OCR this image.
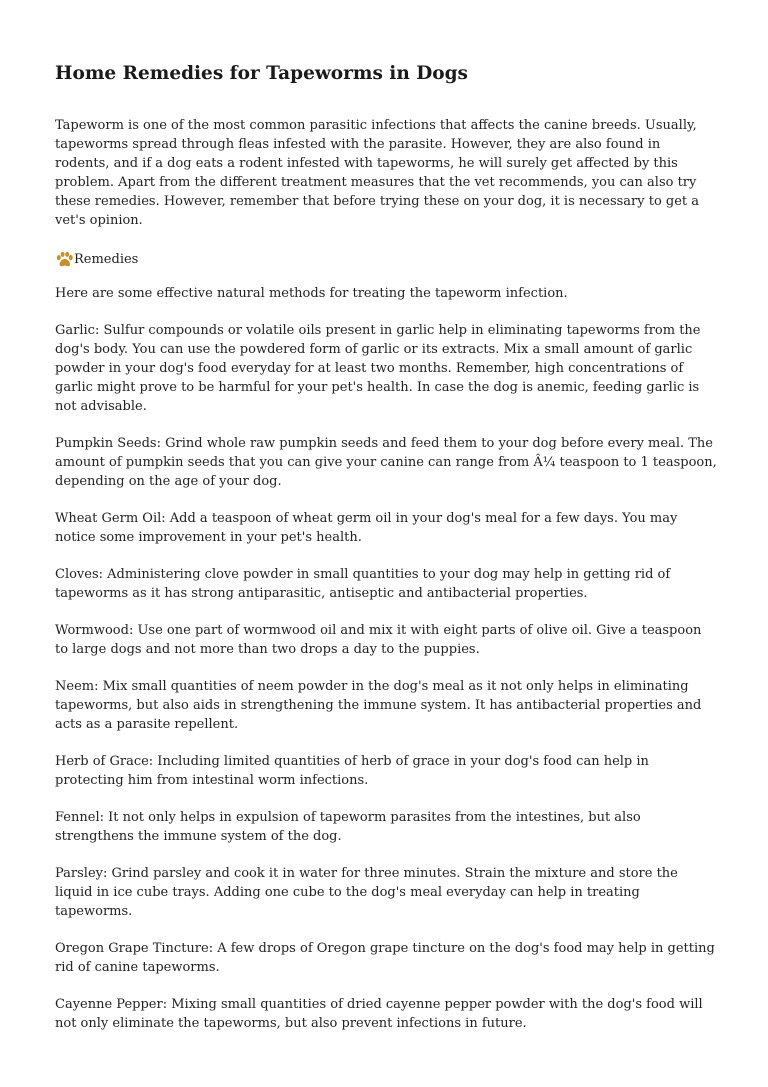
Home Remedies for Tapeworms in Dogs

Tapeworm is one of the most common parasitic infections that affects the canine breeds. Usually, tapeworms spread through fleas infested with the parasite. However, they are also found in rodents, and if a dog eats a rodent infested with tapeworms, he will surely get affected by this problem. Apart from the different treatment measures that the vet recommends, you can also try these remedies. However, remember that before trying these on your dog, it is necessary to get a vet's opinion.

Remedies

Here are some effective natural methods for treating the tapeworm infection.

Garlic: Sulfur compounds or volatile oils present in garlic help in eliminating tapeworms from the dog's body. You can use the powdered form of garlic or its extracts. Mix a small amount of garlic powder in your dog's food everyday for at least two months. Remember, high concentrations of garlic might prove to be harmful for your pet's health. In case the dog is anemic, feeding garlic is not advisable.

Pumpkin Seeds: Grind whole raw pumpkin seeds and feed them to your dog before every meal. The amount of pumpkin seeds that you can give your canine can range from Â¼ teaspoon to 1 teaspoon, depending on the age of your dog.

Wheat Germ Oil: Add a teaspoon of wheat germ oil in your dog's meal for a few days. You may notice some improvement in your pet's health.

Cloves: Administering clove powder in small quantities to your dog may help in getting rid of tapeworms as it has strong antiparasitic, antiseptic and antibacterial properties.

Wormwood: Use one part of wormwood oil and mix it with eight parts of olive oil. Give a teaspoon to large dogs and not more than two drops a day to the puppies.

Neem: Mix small quantities of neem powder in the dog's meal as it not only helps in eliminating tapeworms, but also aids in strengthening the immune system. It has antibacterial properties and acts as a parasite repellent.

Herb of Grace: Including limited quantities of herb of grace in your dog's food can help in protecting him from intestinal worm infections.

Fennel: It not only helps in expulsion of tapeworm parasites from the intestines, but also strengthens the immune system of the dog.

Parsley: Grind parsley and cook it in water for three minutes. Strain the mixture and store the liquid in ice cube trays. Adding one cube to the dog's meal everyday can help in treating tapeworms.

Oregon Grape Tincture: A few drops of Oregon grape tincture on the dog's food may help in getting rid of canine tapeworms.

Cayenne Pepper: Mixing small quantities of dried cayenne pepper powder with the dog's food will not only eliminate the tapeworms, but also prevent infections in future.
